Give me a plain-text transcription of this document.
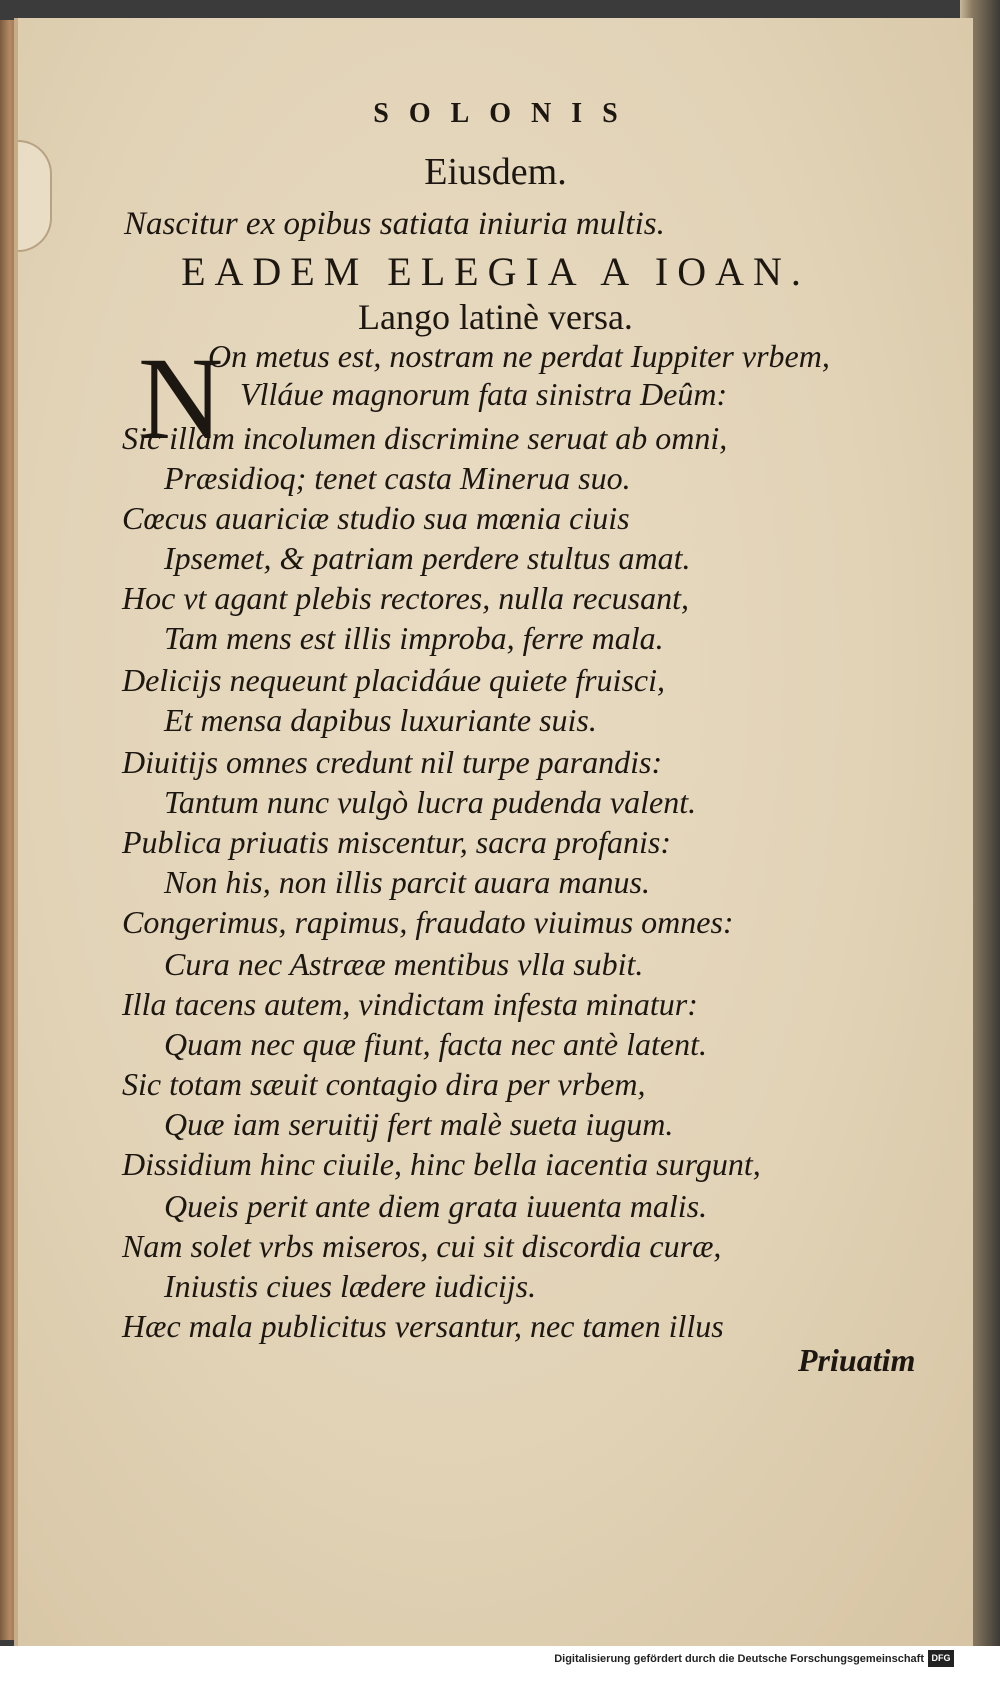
SOLONIS
Eiusdem.
Nascitur ex opibus satiata iniuria multis.
EADEM ELEGIA A IOAN.
Lango latinè versa.
N
On metus est, nostram ne perdat Iuppiter vrbem,
Vlláue magnorum fata sinistra Deûm:
Sic illam incolumen discrimine seruat ab omni,
Præsidioq; tenet casta Minerua suo.
Cœcus auariciæ studio sua mœnia ciuis
Ipsemet, & patriam perdere stultus amat.
Hoc vt agant plebis rectores, nulla recusant,
Tam mens est illis improba, ferre mala.
Delicijs nequeunt placidáue quiete fruisci,
Et mensa dapibus luxuriante suis.
Diuitijs omnes credunt nil turpe parandis:
Tantum nunc vulgò lucra pudenda valent.
Publica priuatis miscentur, sacra profanis:
Non his, non illis parcit auara manus.
Congerimus, rapimus, fraudato viuimus omnes:
Cura nec Astrææ mentibus vlla subit.
Illa tacens autem, vindictam infesta minatur:
Quam nec quæ fiunt, facta nec antè latent.
Sic totam sæuit contagio dira per vrbem,
Quæ iam seruitij fert malè sueta iugum.
Dissidium hinc ciuile, hinc bella iacentia surgunt,
Queis perit ante diem grata iuuenta malis.
Nam solet vrbs miseros, cui sit discordia curæ,
Iniustis ciues lædere iudicijs.
Hæc mala publicitus versantur, nec tamen illus
Priuatim
Digitalisierung gefördert durch die Deutsche Forschungsgemeinschaft DFG
